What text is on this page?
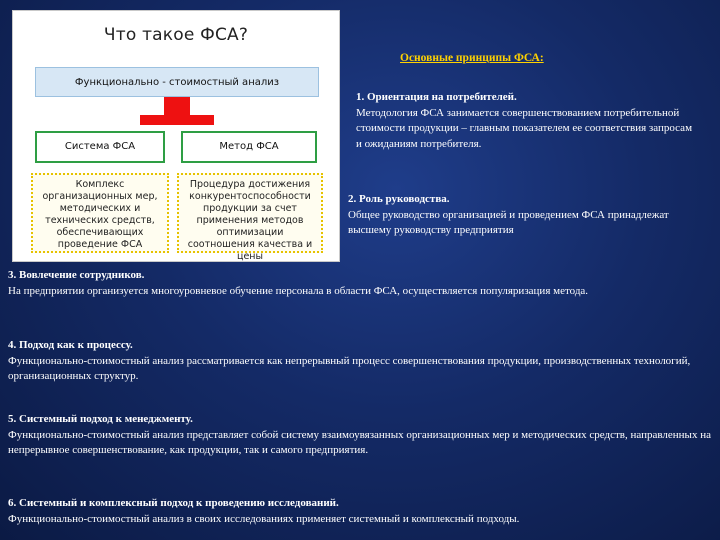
Что такое ФСА?
Функционально - стоимостный анализ
Система ФСА	Метод ФСА
Комплекс организационных мер, методических и технических средств, обеспечивающих проведение ФСА
Процедура достижения конкурентоспособности продукции за счет применения методов оптимизации соотношения качества и цены
Основные принципы ФСА:
1. Ориентация на потребителей.
Методология ФСА занимается совершенствованием потребительной стоимости продукции – главным показателем ее соответствия запросам и ожиданиям потребителя.
2. Роль руководства.
Общее руководство организацией и проведением ФСА принадлежат высшему руководству предприятия
3. Вовлечение сотрудников.
На предприятии организуется многоуровневое обучение персонала в области ФСА, осуществляется популяризация метода.
4. Подход как к процессу.
Функционально-стоимостный анализ рассматривается как непрерывный процесс совершенствования продукции, производственных технологий, организационных структур.
5. Системный подход к менеджменту.
Функционально-стоимостный анализ представляет собой систему взаимоувязанных организационных мер и методических средств, направленных на непрерывное совершенствование, как продукции, так и самого предприятия.
6. Системный и комплексный подход к проведению исследований.
Функционально-стоимостный анализ в своих исследованиях применяет системный и комплексный подходы.
